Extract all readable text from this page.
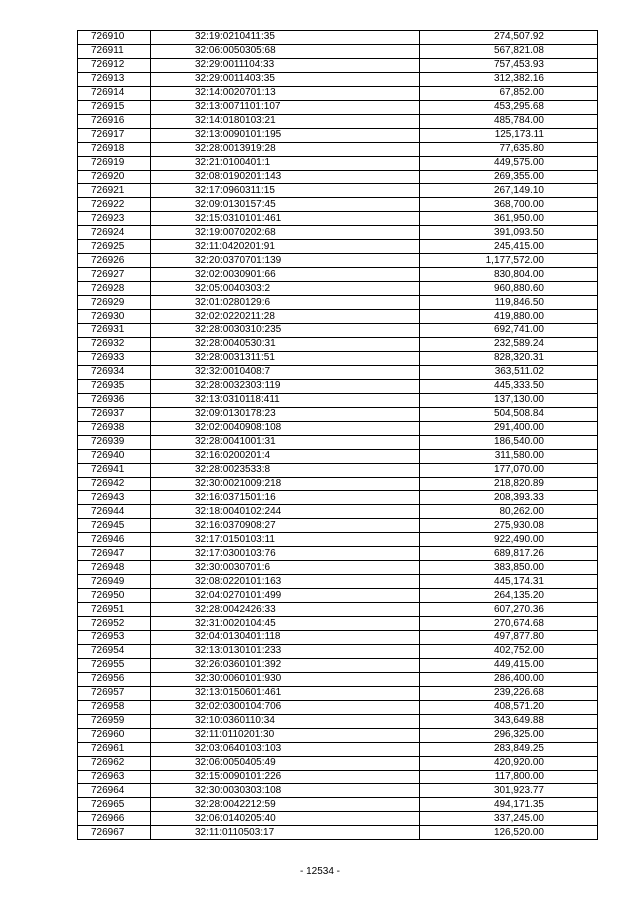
726910	32:19:0210411:35	274,507.92
726911	32:06:0050305:68	567,821.08
726912	32:29:0011104:33	757,453.93
726913	32:29:0011403:35	312,382.16
726914	32:14:0020701:13	67,852.00
726915	32:13:0071101:107	453,295.68
726916	32:14:0180103:21	485,784.00
726917	32:13:0090101:195	125,173.11
726918	32:28:0013919:28	77,635.80
726919	32:21:0100401:1	449,575.00
726920	32:08:0190201:143	269,355.00
726921	32:17:0960311:15	267,149.10
726922	32:09:0130157:45	368,700.00
726923	32:15:0310101:461	361,950.00
726924	32:19:0070202:68	391,093.50
726925	32:11:0420201:91	245,415.00
726926	32:20:0370701:139	1,177,572.00
726927	32:02:0030901:66	830,804.00
726928	32:05:0040303:2	960,880.60
726929	32:01:0280129:6	119,846.50
726930	32:02:0220211:28	419,880.00
726931	32:28:0030310:235	692,741.00
726932	32:28:0040530:31	232,589.24
726933	32:28:0031311:51	828,320.31
726934	32:32:0010408:7	363,511.02
726935	32:28:0032303:119	445,333.50
726936	32:13:0310118:411	137,130.00
726937	32:09:0130178:23	504,508.84
726938	32:02:0040908:108	291,400.00
726939	32:28:0041001:31	186,540.00
726940	32:16:0200201:4	311,580.00
726941	32:28:0023533:8	177,070.00
726942	32:30:0021009:218	218,820.89
726943	32:16:0371501:16	208,393.33
726944	32:18:0040102:244	80,262.00
726945	32:16:0370908:27	275,930.08
726946	32:17:0150103:11	922,490.00
726947	32:17:0300103:76	689,817.26
726948	32:30:0030701:6	383,850.00
726949	32:08:0220101:163	445,174.31
726950	32:04:0270101:499	264,135.20
726951	32:28:0042426:33	607,270.36
726952	32:31:0020104:45	270,674.68
726953	32:04:0130401:118	497,877.80
726954	32:13:0130101:233	402,752.00
726955	32:26:0360101:392	449,415.00
726956	32:30:0060101:930	286,400.00
726957	32:13:0150601:461	239,226.68
726958	32:02:0300104:706	408,571.20
726959	32:10:0360110:34	343,649.88
726960	32:11:0110201:30	296,325.00
726961	32:03:0640103:103	283,849.25
726962	32:06:0050405:49	420,920.00
726963	32:15:0090101:226	117,800.00
726964	32:30:0030303:108	301,923.77
726965	32:28:0042212:59	494,171.35
726966	32:06:0140205:40	337,245.00
726967	32:11:0110503:17	126,520.00
- 12534 -
